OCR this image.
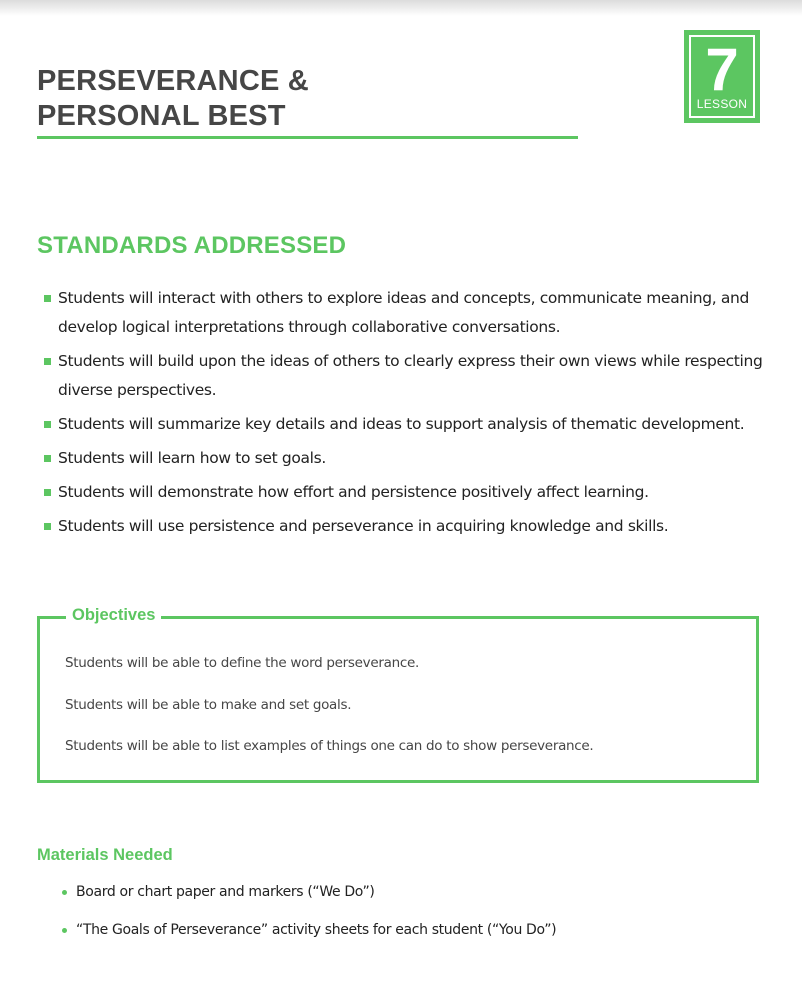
PERSEVERANCE &
PERSONAL BEST
7
LESSON
STANDARDS ADDRESSED
Students will interact with others to explore ideas and concepts, communicate meaning, and develop logical interpretations through collaborative conversations.
Students will build upon the ideas of others to clearly express their own views while respecting diverse perspectives.
Students will summarize key details and ideas to support analysis of thematic development.
Students will learn how to set goals.
Students will demonstrate how effort and persistence positively affect learning.
Students will use persistence and perseverance in acquiring knowledge and skills.
Objectives
Students will be able to define the word perseverance.
Students will be able to make and set goals.
Students will be able to list examples of things one can do to show perseverance.
Materials Needed
Board or chart paper and markers (“We Do”)
“The Goals of Perseverance” activity sheets for each student (“You Do”)
